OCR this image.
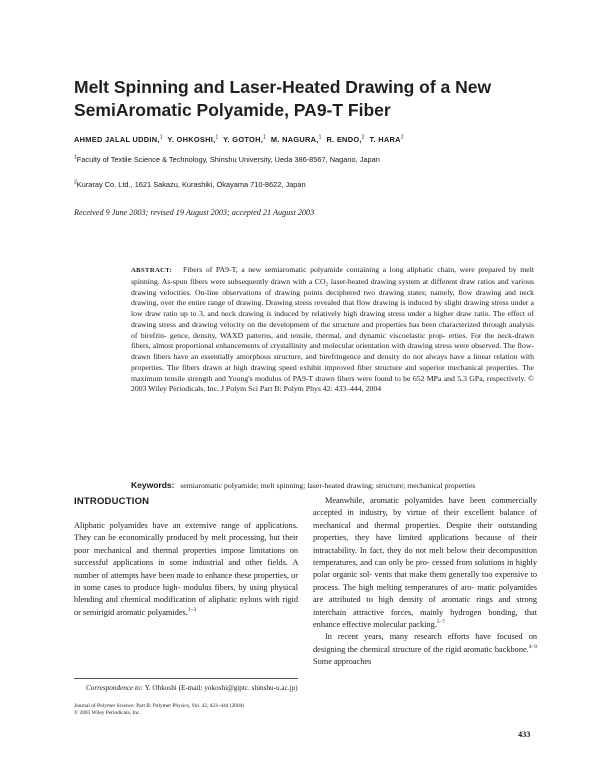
Melt Spinning and Laser-Heated Drawing of a New
SemiAromatic Polyamide, PA9-T Fiber
AHMED JALAL UDDIN,$^1$ Y. OHKOSHI,$^1$ Y. GOTOH,$^1$ M. NAGURA,$^1$ R. ENDO,$^2$ T. HARA$^2$
$^1$Faculty of Textile Science & Technology, Shinshu University, Ueda 386-8567, Nagano, Japan
$^2$Kuraray Co. Ltd., 1621 Sakazu, Kurashiki, Okayama 710-8622, Japan
Received 9 June 2003; revised 19 August 2003; accepted 21 August 2003
ABSTRACT: Fibers of PA9-T, a new semiaromatic polyamide containing a long aliphatic chain, were prepared by melt spinning. As-spun fibers were subsequently drawn with a CO₂ laser-heated drawing system at different draw ratios and various drawing velocities. On-line observations of drawing points deciphered two drawing states; namely, flow drawing and neck drawing, over the entire range of drawing. Drawing stress revealed that flow drawing is induced by slight drawing stress under a low draw ratio up to 3, and neck drawing is induced by relatively high drawing stress under a higher draw ratio. The effect of drawing stress and drawing velocity on the development of the structure and properties has been characterized through analysis of birefrin- gence, density, WAXD patterns, and tensile, thermal, and dynamic viscoelastic prop- erties. For the neck-drawn fibers, almost proportional enhancements of crystallinity and molecular orientation with drawing stress were observed. The flow-drawn fibers have an essentially amorphous structure, and birefringence and density do not always have a linear relation with properties. The fibers drawn at high drawing speed exhibit improved fiber structure and superior mechanical properties. The maximum tensile strength and Young's modulus of PA9-T drawn fibers were found to be 652 MPa and 5.3 GPa, respectively. © 2003 Wiley Periodicals, Inc. J Polym Sci Part B: Polym Phys 42: 433–444, 2004
Keywords: semiaromatic polyamide; melt spinning; laser-heated drawing; structure; mechanical properties
INTRODUCTION

Aliphatic polyamides have an extensive range of applications. They can be economically produced by melt processing, but their poor mechanical and thermal properties impose limitations on successful applications in some industrial and other fields. A number of attempts have been made to enhance these properties, or in some cases to produce high- modulus fibers, by using physical blending and chemical modification of aliphatic nylons with rigid or semirigid aromatic polyamides.$^{1-3}$

Correspondence to: Y. Ohkoshi (E-mail: yokoshi@giptc. shinshu-u.ac.jp)

Journal of Polymer Science: Part B: Polymer Physics, Vol. 42, 433–444 (2004)

© 2003 Wiley Periodicals, Inc.

Meanwhile, aromatic polyamides have been commercially accepted in industry, by virtue of their excellent balance of mechanical and thermal properties. Despite their outstanding properties, they have limited applications because of their intractability. In fact, they do not melt below their decomposition temperatures, and can only be pro- cessed from solutions in highly polar organic sol- vents that make them generally too expensive to process. The high melting temperatures of aro- matic polyamides are attributed to high density of aromatic rings and strong interchain attractive forces, mainly hydrogen bonding, that enhance effective molecular packing.$^{5-7}$

In recent years, many research efforts have focused on designing the chemical structure of the rigid aromatic backbone.$^{4-9}$ Some approaches

433
